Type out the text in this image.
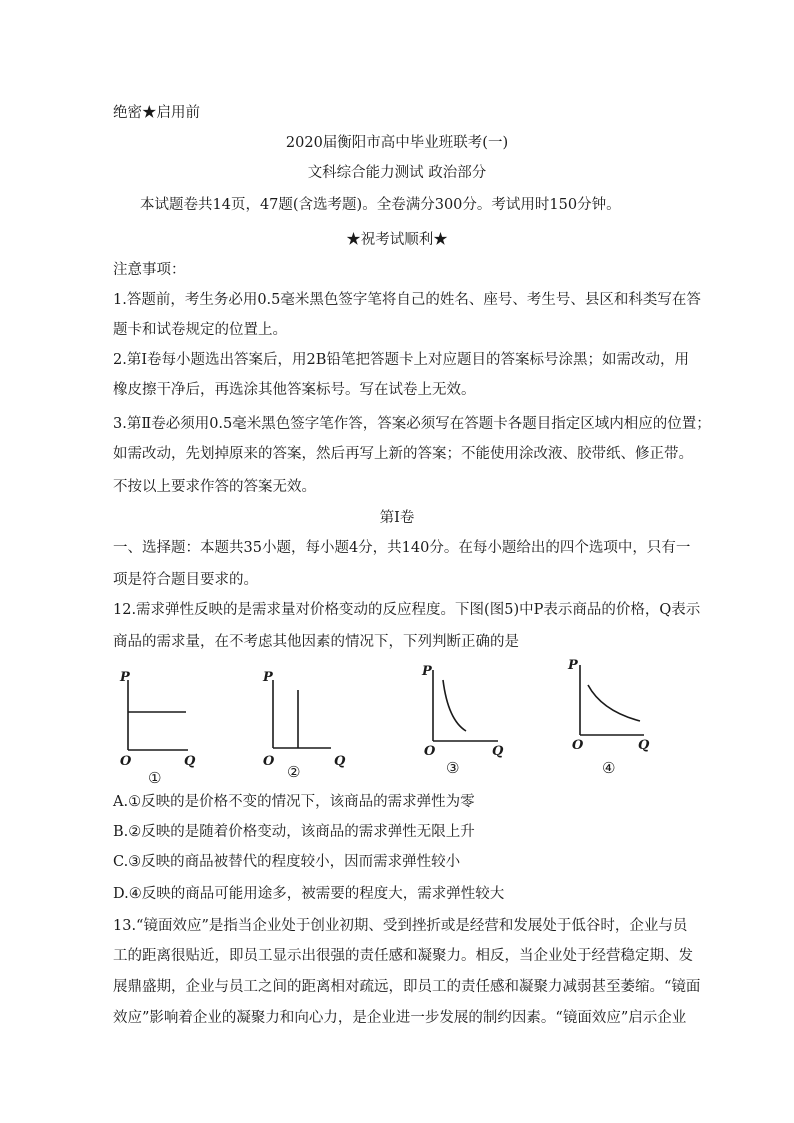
绝密★启用前
2020届衡阳市高中毕业班联考(一)
文科综合能力测试 政治部分
本试题卷共14页，47题(含选考题)。全卷满分300分。考试用时150分钟。
★祝考试顺利★
注意事项：
1.答题前，考生务必用0.5毫米黑色签字笔将自己的姓名、座号、考生号、县区和科类写在答
题卡和试卷规定的位置上。
2.第Ⅰ卷每小题选出答案后，用2B铅笔把答题卡上对应题目的答案标号涂黑；如需改动，用
橡皮擦干净后，再选涂其他答案标号。写在试卷上无效。
3.第Ⅱ卷必须用0.5毫米黑色签字笔作答，答案必须写在答题卡各题目指定区域内相应的位置；
如需改动，先划掉原来的答案，然后再写上新的答案；不能使用涂改液、胶带纸、修正带。
不按以上要求作答的答案无效。
第Ⅰ卷
一、选择题：本题共35小题，每小题4分，共140分。在每小题给出的四个选项中，只有一
项是符合题目要求的。
12.需求弹性反映的是需求量对价格变动的反应程度。下图(图5)中P表示商品的价格，Q表示
商品的需求量，在不考虑其他因素的情况下，下列判断正确的是
P
O	Q
①
P
O	Q
②
P
O	Q
③
P
O	Q
④
A.①反映的是价格不变的情况下，该商品的需求弹性为零
B.②反映的是随着价格变动，该商品的需求弹性无限上升
C.③反映的商品被替代的程度较小，因而需求弹性较小
D.④反映的商品可能用途多，被需要的程度大，需求弹性较大
13.“镜面效应”是指当企业处于创业初期、受到挫折或是经营和发展处于低谷时，企业与员
工的距离很贴近，即员工显示出很强的责任感和凝聚力。相反，当企业处于经营稳定期、发
展鼎盛期，企业与员工之间的距离相对疏远，即员工的责任感和凝聚力减弱甚至萎缩。“镜面
效应”影响着企业的凝聚力和向心力，是企业进一步发展的制约因素。“镜面效应”启示企业
